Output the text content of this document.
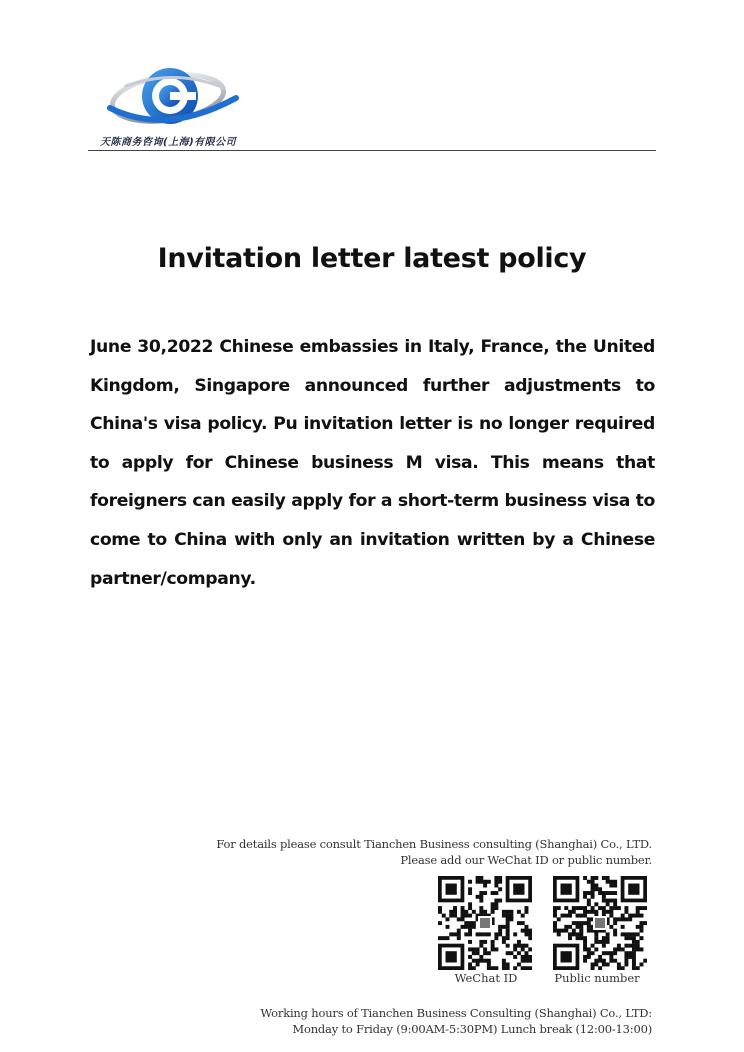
天陈商务咨询(上海)有限公司
Invitation letter latest policy
June 30,2022 Chinese embassies in Italy, France, the United Kingdom, Singapore announced further adjustments to China's visa policy. Pu invitation letter is no longer required to apply for Chinese business M visa. This means that foreigners can easily apply for a short-term business visa to come to China with only an invitation written by a Chinese partner/company.
For details please consult Tianchen Business consulting (Shanghai) Co., LTD.
Please add our WeChat ID or public number.
WeChat ID	Public number
Working hours of Tianchen Business Consulting (Shanghai) Co., LTD:
Monday to Friday (9:00AM-5:30PM) Lunch break (12:00-13:00)
